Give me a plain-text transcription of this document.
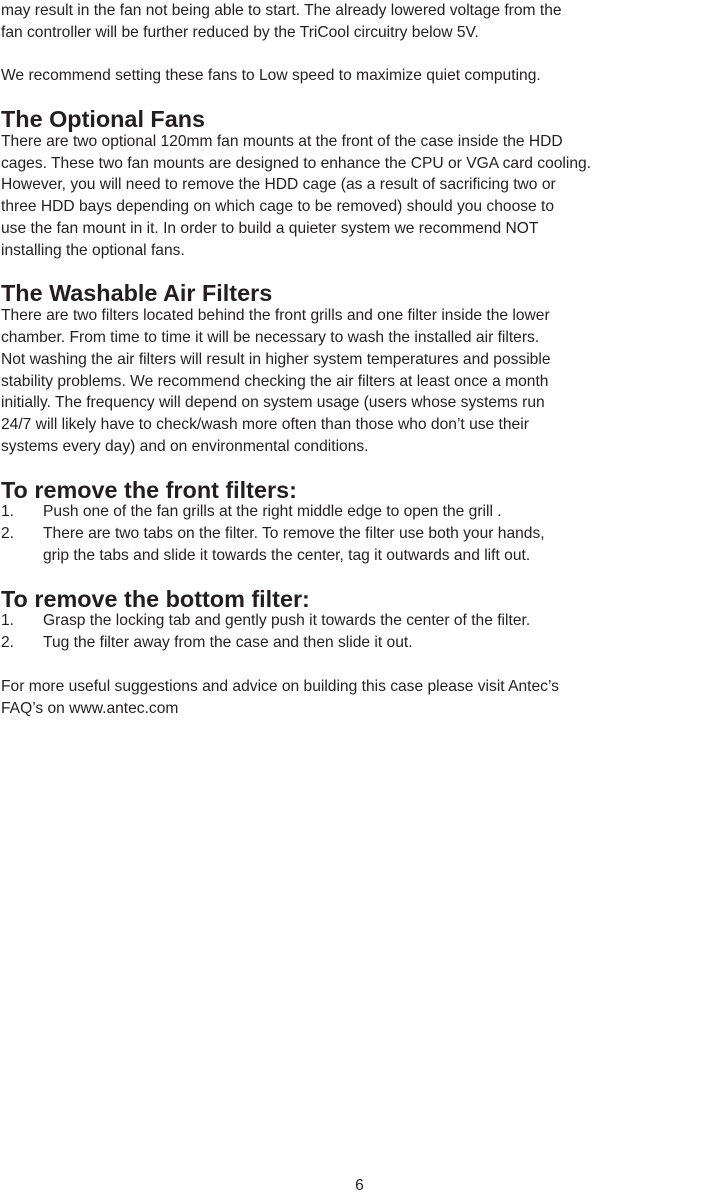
may result in the fan not being able to start. The already lowered voltage from the
fan controller will be further reduced by the TriCool circuitry below 5V.

We recommend setting these fans to Low speed to maximize quiet computing.

The Optional Fans

There are two optional 120mm fan mounts at the front of the case inside the HDD
cages. These two fan mounts are designed to enhance the CPU or VGA card cooling.
However, you will need to remove the HDD cage (as a result of sacrificing two or
three HDD bays depending on which cage to be removed) should you choose to
use the fan mount in it. In order to build a quieter system we recommend NOT
installing the optional fans.

The Washable Air Filters

There are two filters located behind the front grills and one filter inside the lower
chamber. From time to time it will be necessary to wash the installed air filters.
Not washing the air filters will result in higher system temperatures and possible
stability problems. We recommend checking the air filters at least once a month
initially. The frequency will depend on system usage (users whose systems run
24/7 will likely have to check/wash more often than those who don’t use their
systems every day) and on environmental conditions.

To remove the front filters:
1. Push one of the fan grills at the right middle edge to open the grill .
2. There are two tabs on the filter. To remove the filter use both your hands,
grip the tabs and slide it towards the center, tag it outwards and lift out.
To remove the bottom filter:
1. Grasp the locking tab and gently push it towards the center of the filter.
2. Tug the filter away from the case and then slide it out.

For more useful suggestions and advice on building this case please visit Antec’s
FAQ’s on www.antec.com

6
